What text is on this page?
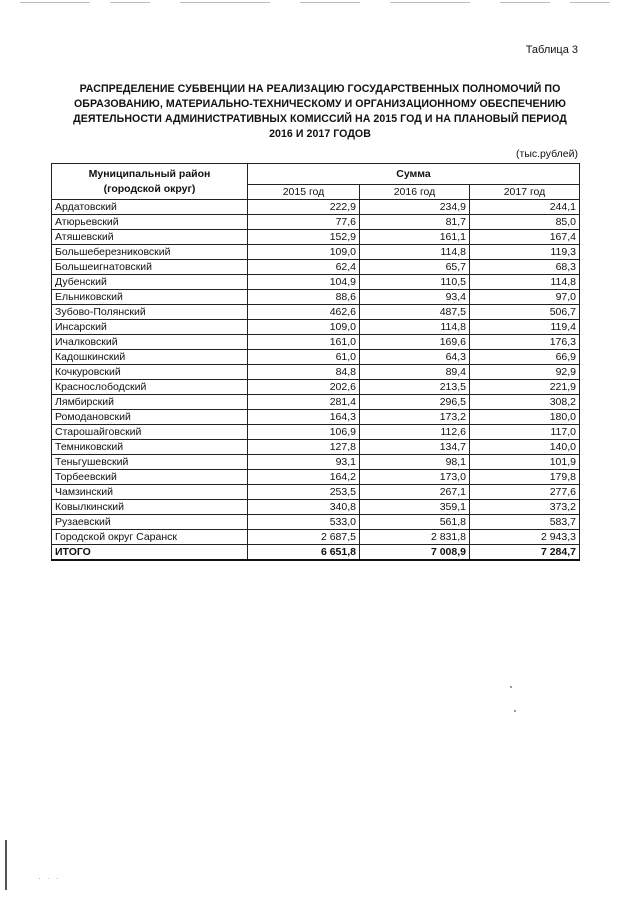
· · ·
Таблица 3
РАСПРЕДЕЛЕНИЕ СУБВЕНЦИИ НА РЕАЛИЗАЦИЮ ГОСУДАРСТВЕННЫХ ПОЛНОМОЧИЙ ПО
ОБРАЗОВАНИЮ, МАТЕРИАЛЬНО-ТЕХНИЧЕСКОМУ И ОРГАНИЗАЦИОННОМУ ОБЕСПЕЧЕНИЮ
ДЕЯТЕЛЬНОСТИ АДМИНИСТРАТИВНЫХ КОМИССИЙ НА 2015 ГОД И НА ПЛАНОВЫЙ ПЕРИОД
2016 И 2017 ГОДОВ
(тыс.рублей)
Муниципальный район
(городской округ)	Сумма		
	2015 год	2016 год	2017 год
Ардатовский	222,9	234,9	244,1
Атюрьевский	77,6	81,7	85,0
Атяшевский	152,9	161,1	167,4
Большеберезниковский	109,0	114,8	119,3
Большеигнатовский	62,4	65,7	68,3
Дубенский	104,9	110,5	114,8
Ельниковский	88,6	93,4	97,0
Зубово-Полянский	462,6	487,5	506,7
Инсарский	109,0	114,8	119,4
Ичалковский	161,0	169,6	176,3
Кадошкинский	61,0	64,3	66,9
Кочкуровский	84,8	89,4	92,9
Краснослободский	202,6	213,5	221,9
Лямбирский	281,4	296,5	308,2
Ромодановский	164,3	173,2	180,0
Старошайговский	106,9	112,6	117,0
Темниковский	127,8	134,7	140,0
Теньгушевский	93,1	98,1	101,9
Торбеевский	164,2	173,0	179,8
Чамзинский	253,5	267,1	277,6
Ковылкинский	340,8	359,1	373,2
Рузаевский	533,0	561,8	583,7
Городской округ Саранск	2 687,5	2 831,8	2 943,3
ИТОГО	6 651,8	7 008,9	7 284,7
